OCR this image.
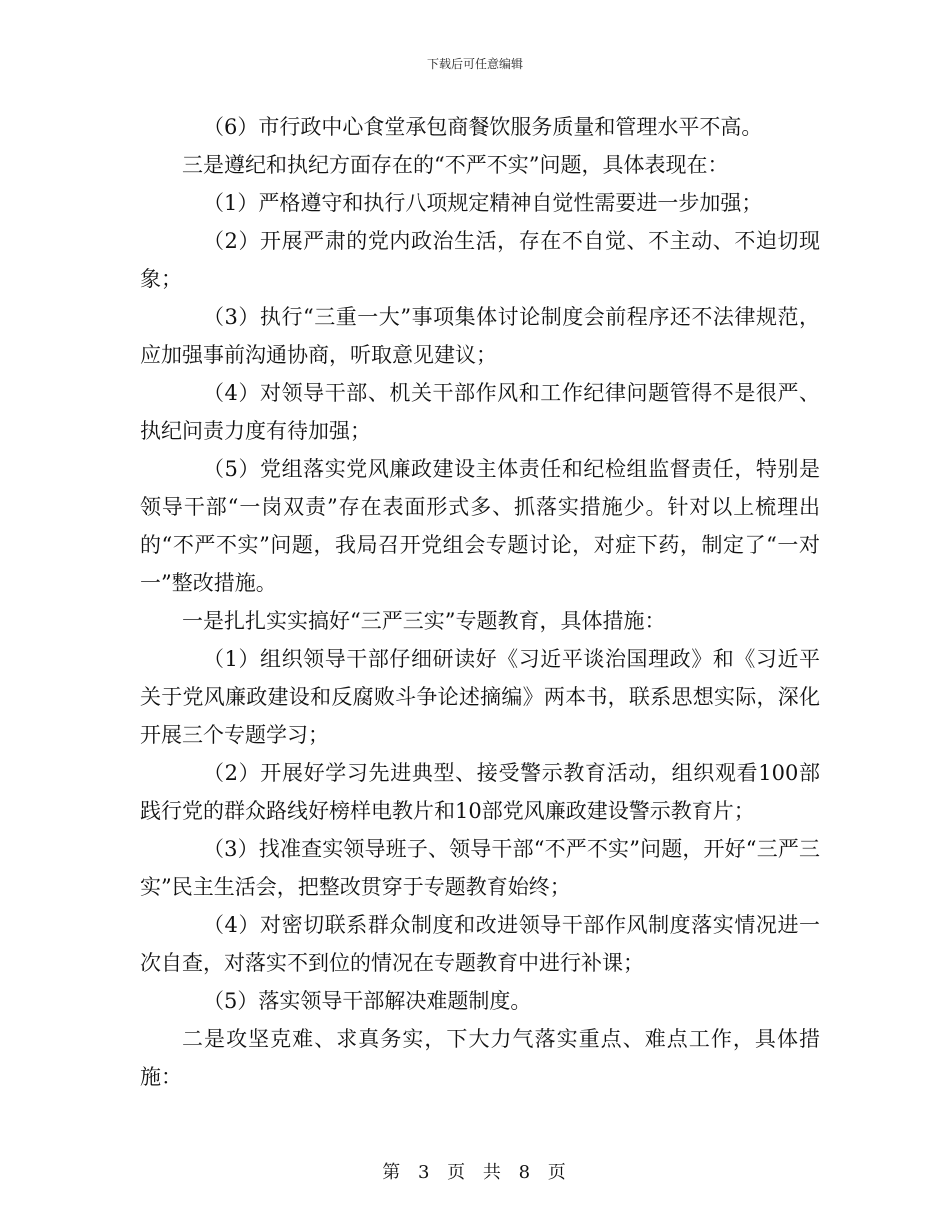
下载后可任意编辑

（6）市行政中心食堂承包商餐饮服务质量和管理水平不高。

三是遵纪和执纪方面存在的“不严不实”问题，具体表现在：

（1）严格遵守和执行八项规定精神自觉性需要进一步加强；

（2）开展严肃的党内政治生活，存在不自觉、不主动、不迫切现象；

（3）执行“三重一大”事项集体讨论制度会前程序还不法律规范，应加强事前沟通协商，听取意见建议；

（4）对领导干部、机关干部作风和工作纪律问题管得不是很严、执纪问责力度有待加强；

（5）党组落实党风廉政建设主体责任和纪检组监督责任，特别是领导干部“一岗双责”存在表面形式多、抓落实措施少。针对以上梳理出的“不严不实”问题，我局召开党组会专题讨论，对症下药，制定了“一对一”整改措施。

一是扎扎实实搞好“三严三实”专题教育，具体措施：

（1）组织领导干部仔细研读好《习近平谈治国理政》和《习近平关于党风廉政建设和反腐败斗争论述摘编》两本书，联系思想实际，深化开展三个专题学习；

（2）开展好学习先进典型、接受警示教育活动，组织观看100部践行党的群众路线好榜样电教片和10部党风廉政建设警示教育片；

（3）找准查实领导班子、领导干部“不严不实”问题，开好“三严三实”民主生活会，把整改贯穿于专题教育始终；

（4）对密切联系群众制度和改进领导干部作风制度落实情况进一次自查，对落实不到位的情况在专题教育中进行补课；

（5）落实领导干部解决难题制度。

二是攻坚克难、求真务实，下大力气落实重点、难点工作，具体措施：

第 3 页 共 8 页
